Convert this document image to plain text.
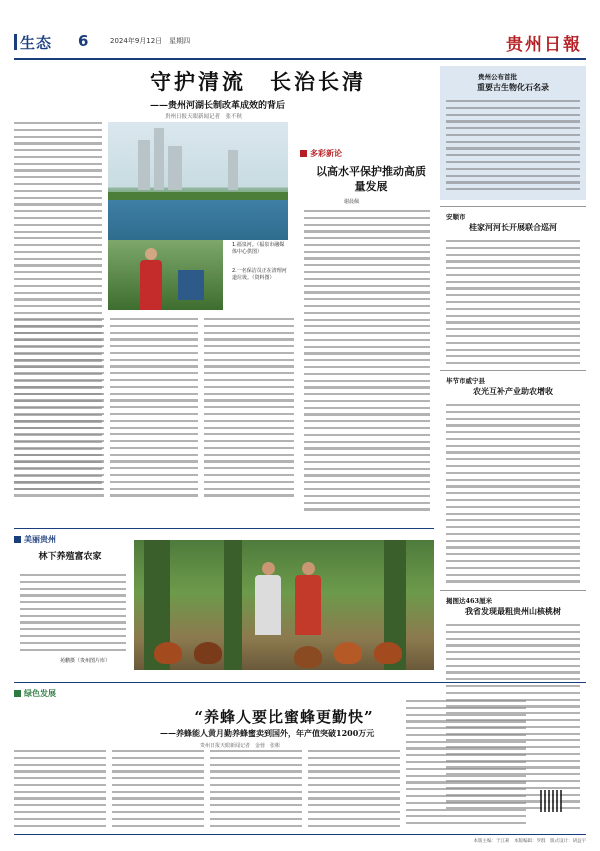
生态 6	2024年9月12日　星期四	贵州日報
守护清流　长治长清
——贵州河湖长制改革成效的背后
贵州日报天眼新闻记者　张不秋
1.福泉河。（福泉市融媒体中心供图）
2.一名保洁员正在清理河道垃圾。（资料图）
多彩新论
以高水平保护推动高质量发展
谢晨佩
贵州公布首批
重要古生物化石名录
安顺市
桂家河河长开展联合巡河
毕节市威宁县
农光互补产业助农增收
揭图达463厘米
我省发现最粗贵州山核桃树
美丽贵州
林下养殖富农家
苑鹏摄（贵州图片库）
绿色发展
“养蜂人要比蜜蜂更勤快”
——养蜂能人黄月勤养蜂蜜卖到国外，年产值突破1200万元
贵州日报天眼新闻记者　金蓉　张彬
本版主编：于江莉　本版编辑：罗群　版式设计：胡益宇
